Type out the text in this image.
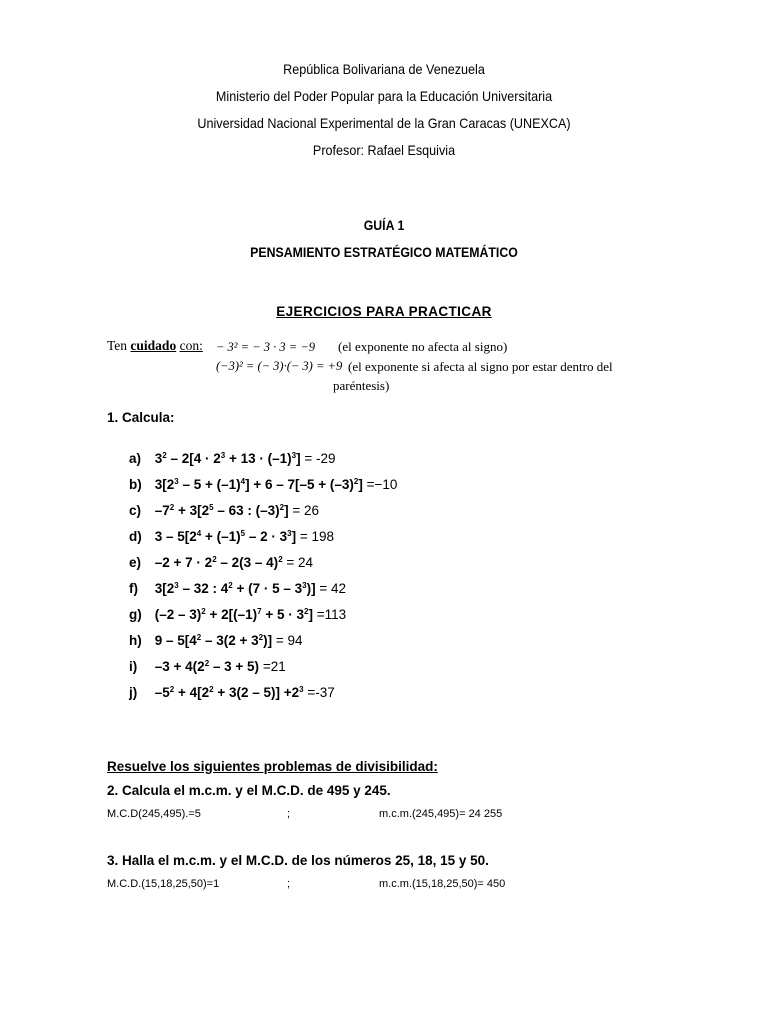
República Bolivariana de Venezuela
Ministerio del Poder Popular para la Educación Universitaria
Universidad Nacional Experimental de la Gran Caracas (UNEXCA)
Profesor: Rafael Esquivia
GUÍA 1
PENSAMIENTO ESTRATÉGICO MATEMÁTICO
EJERCICIOS PARA PRACTICAR
Ten cuidado con: − 3² = − 3 · 3 = −9 (el exponente no afecta al signo)
(−3)² = (− 3)·(− 3) = +9 (el exponente si afecta al signo por estar dentro del
paréntesis)
1. Calcula:
a) $3^2 - 2[4 \cdot 2^3 + 13 \cdot (-1)^3] = -29$
b) $3[2^3 - 5 + (-1)^4] + 6 - 7[-5 + (-3)^2] =-10$
c) $-7^2 + 3[2^5 - 63$ : $(-3)^2] = 26$
d) $3 - 5[2^4 + (-1)^5 - 2 \cdot 3^3] = 198$
e) $-2 + 7 \cdot 2^2 - 2(3 - 4)^2 = 24$
f) $3[2^3 - 32$ : $4^2 + (7 \cdot 5 - 3^3)] = 42$
g) $(-2 - 3)^2 + 2[(-1)^7 + 5 \cdot 3^2] =113$
h) $9 - 5[4^2 - 3(2 + 3^2)] = 94$
i) $-3 + 4(2^2 - 3 + 5) =21$
j) $-5^2 + 4[2^2 + 3(2 - 5)] +2^3 =-37$
Resuelve los siguientes problemas de divisibilidad:
2. Calcula el m.c.m. y el M.C.D. de 495 y 245.
M.C.D(245,495).=5	;	m.c.m.(245,495)= 24 255
3. Halla el m.c.m. y el M.C.D. de los números 25, 18, 15 y 50.
M.C.D.(15,18,25,50)=1	;	m.c.m.(15,18,25,50)= 450
